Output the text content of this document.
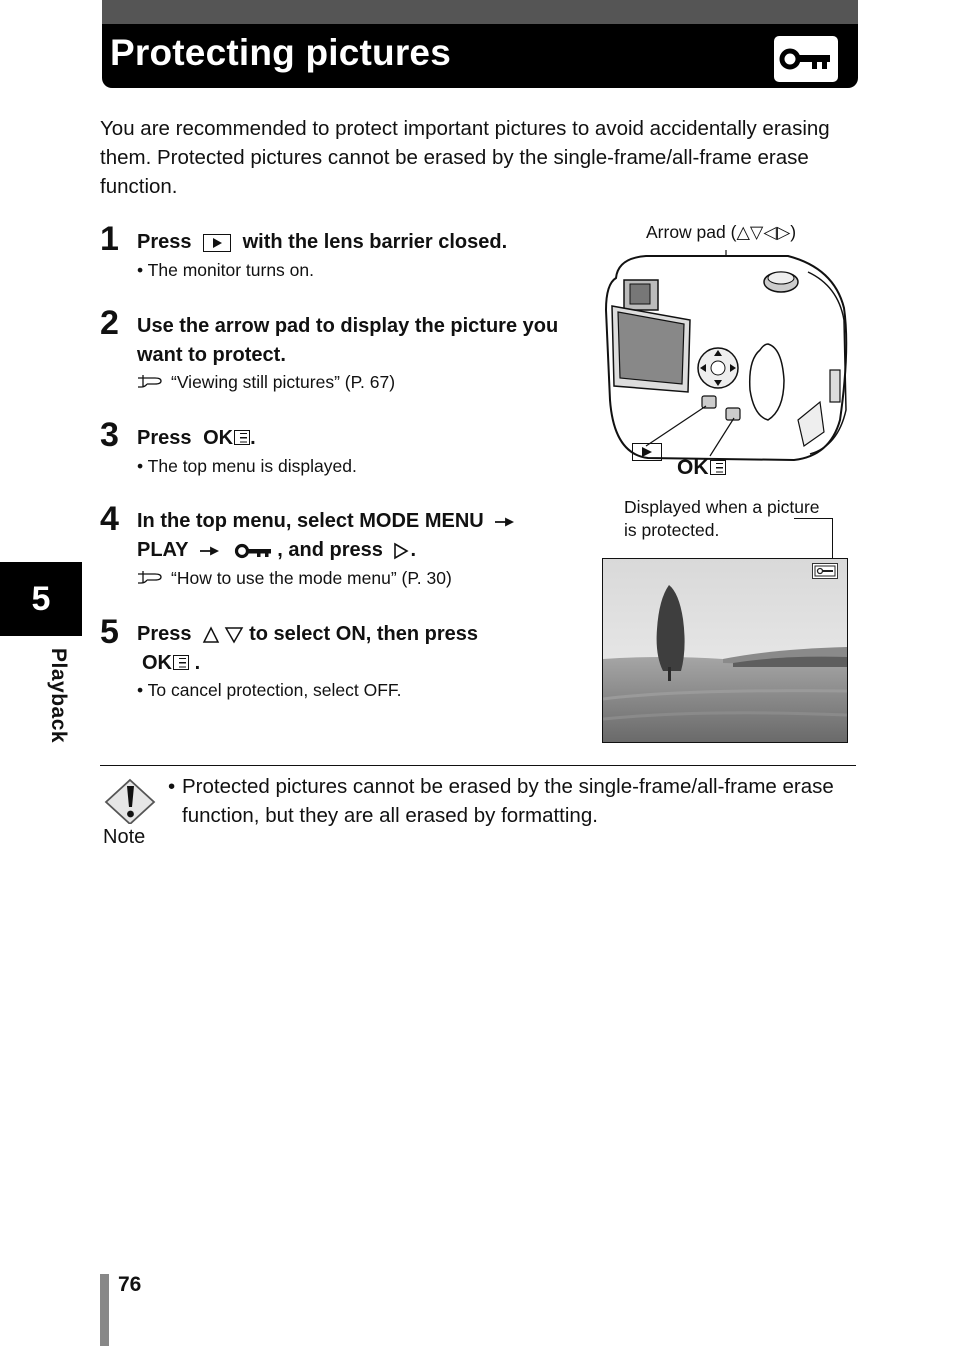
Protecting pictures
You are recommended to protect important pictures to avoid accidentally erasing them. Protected pictures cannot be erased by the single-frame/all-frame erase function.
1 Press	with the lens barrier closed.
• The monitor turns on.
2 Use the arrow pad to display the picture you want to protect.
“Viewing still pictures” (P. 67)
3 Press OK .
• The top menu is displayed.
4 In the top menu, select MODE MENU
PLAY	, and press .
“How to use the mode menu” (P. 30)
5 Press	to select ON, then press
OK .
• To cancel protection, select OFF.
Arrow pad (△▽◁▷)
OK
Displayed when a picture is protected.
Note
• Protected pictures cannot be erased by the single-frame/all-frame erase function, but they are all erased by formatting.
5
Playback
76
